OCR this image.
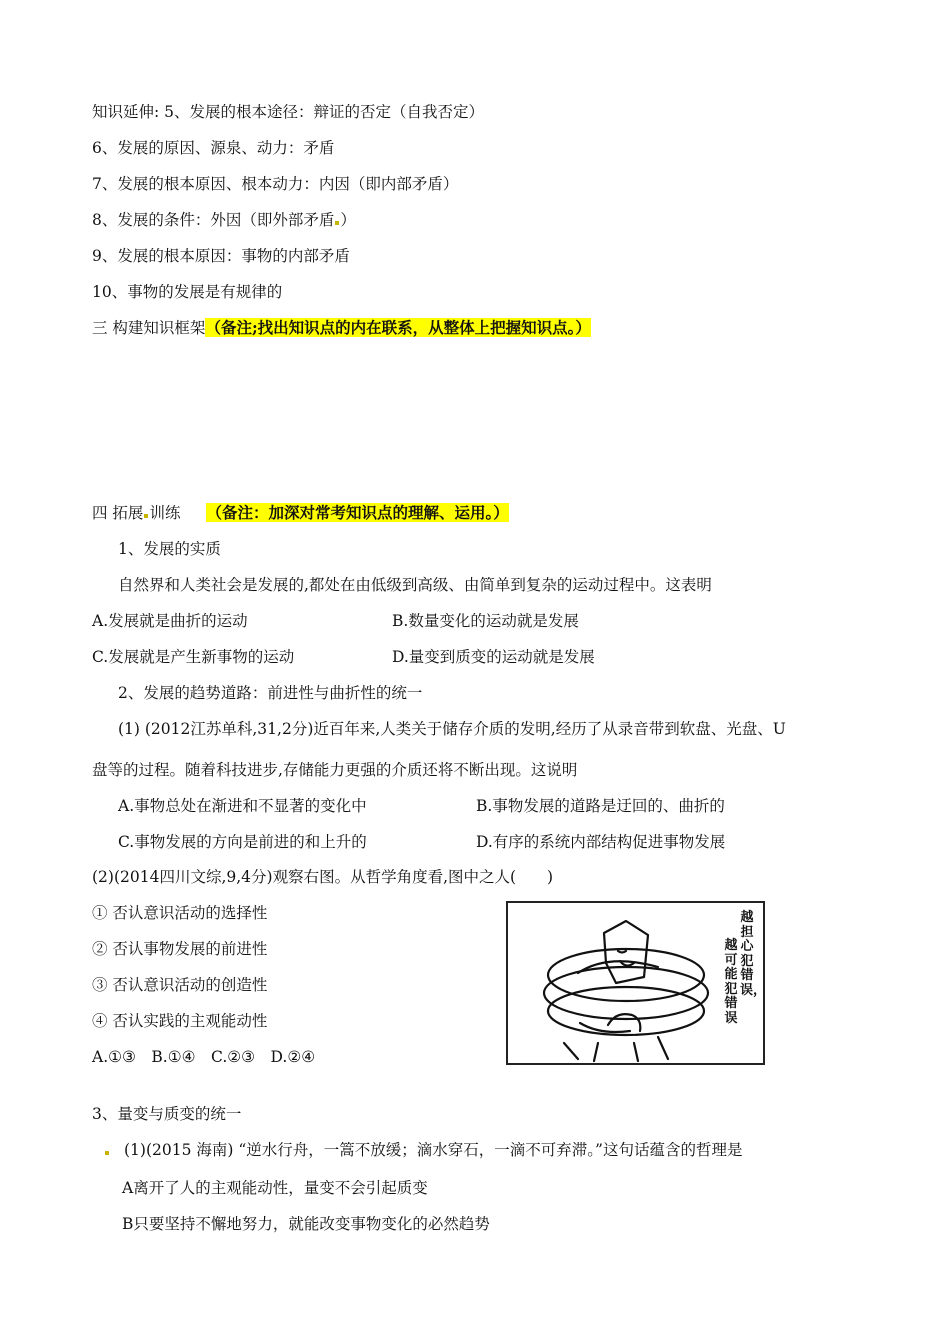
知识延伸: 5、发展的根本途径：辩证的否定（自我否定）
6、发展的原因、源泉、动力：矛盾
7、发展的根本原因、根本动力：内因（即内部矛盾）
8、发展的条件：外因（即外部矛盾 ）
9、发展的根本原因：事物的内部矛盾
10、事物的发展是有规律的
三 构建知识框架（备注;找出知识点的内在联系，从整体上把握知识点。）
四 拓展 训练 （备注：加深对常考知识点的理解、运用。）
1、发展的实质
自然界和人类社会是发展的,都处在由低级到高级、由简单到复杂的运动过程中。这表明
A.发展就是曲折的运动	B.数量变化的运动就是发展
C.发展就是产生新事物的运动	D.量变到质变的运动就是发展
2、发展的趋势道路：前进性与曲折性的统一
(1) (2012江苏单科,31,2分)近百年来,人类关于储存介质的发明,经历了从录音带到软盘、光盘、U
盘等的过程。随着科技进步,存储能力更强的介质还将不断出现。这说明
A.事物总处在渐进和不显著的变化中	B.事物发展的道路是迂回的、曲折的
C.事物发展的方向是前进的和上升的	D.有序的系统内部结构促进事物发展
(2)(2014四川文综,9,4分)观察右图。从哲学角度看,图中之人(　　)
① 否认意识活动的选择性
② 否认事物发展的前进性
③ 否认意识活动的创造性
④ 否认实践的主观能动性
A.①③　B.①④　C.②③　D.②④
越担心犯错误，
越可能犯错误
3、量变与质变的统一
(1)(2015 海南) “逆水行舟，一篙不放缓；滴水穿石，一滴不可弃滞。”这句话蕴含的哲理是
A离开了人的主观能动性，量变不会引起质变
B只要坚持不懈地努力，就能改变事物变化的必然趋势
